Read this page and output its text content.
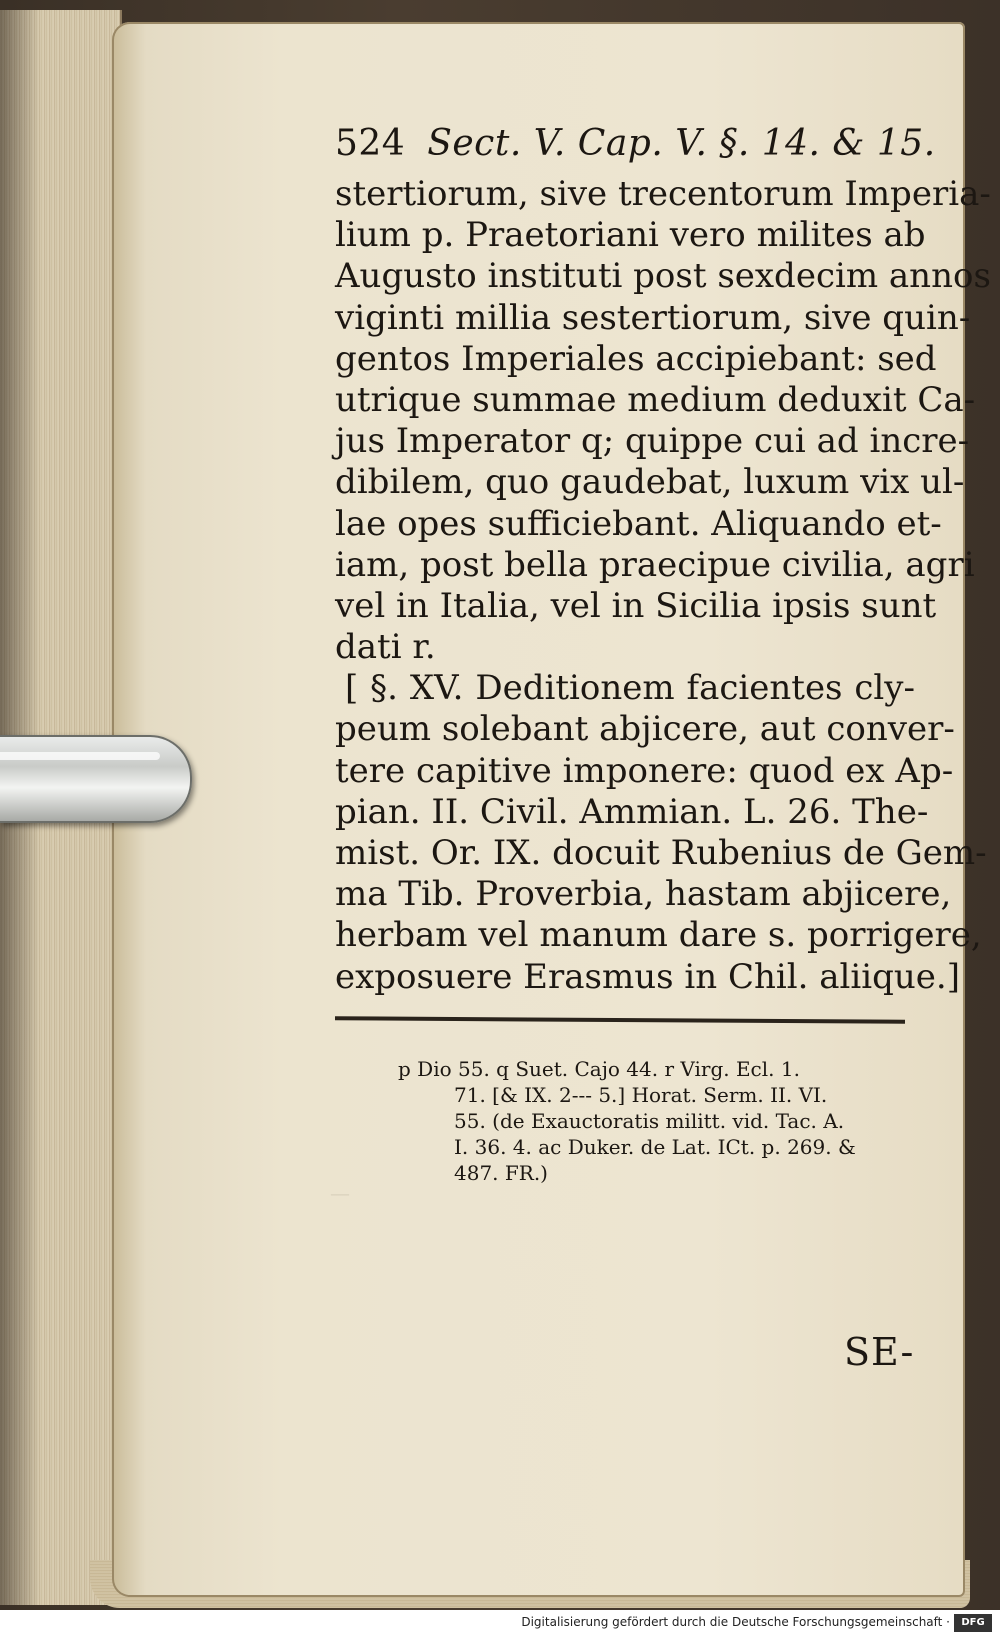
524 Sect. V. Cap. V. §. 14. & 15.
stertiorum, sive trecentorum Imperia-
lium p. Praetoriani vero milites ab
Augusto instituti post sexdecim annos
viginti millia sestertiorum, sive quin-
gentos Imperiales accipiebant: sed
utrique summae medium deduxit Ca-
jus Imperator q; quippe cui ad incre-
dibilem, quo gaudebat, luxum vix ul-
lae opes sufficiebant. Aliquando et-
iam, post bella praecipue civilia, agri
vel in Italia, vel in Sicilia ipsis sunt
dati r.
[ §. XV. Deditionem facientes cly-
peum solebant abjicere, aut conver-
tere capitive imponere: quod ex Ap-
pian. II. Civil. Ammian. L. 26. The-
mist. Or. IX. docuit Rubenius de Gem-
ma Tib. Proverbia, hastam abjicere,
herbam vel manum dare s. porrigere,
exposuere Erasmus in Chil. aliique.]
p Dio 55. q Suet. Cajo 44. r Virg. Ecl. 1.
71. [& IX. 2--- 5.] Horat. Serm. II. VI.
55. (de Exauctoratis militt. vid. Tac. A.
I. 36. 4. ac Duker. de Lat. ICt. p. 269. &
487. FR.)
—
SE-
Digitalisierung gefördert durch die Deutsche Forschungsgemeinschaft ·	DFG
